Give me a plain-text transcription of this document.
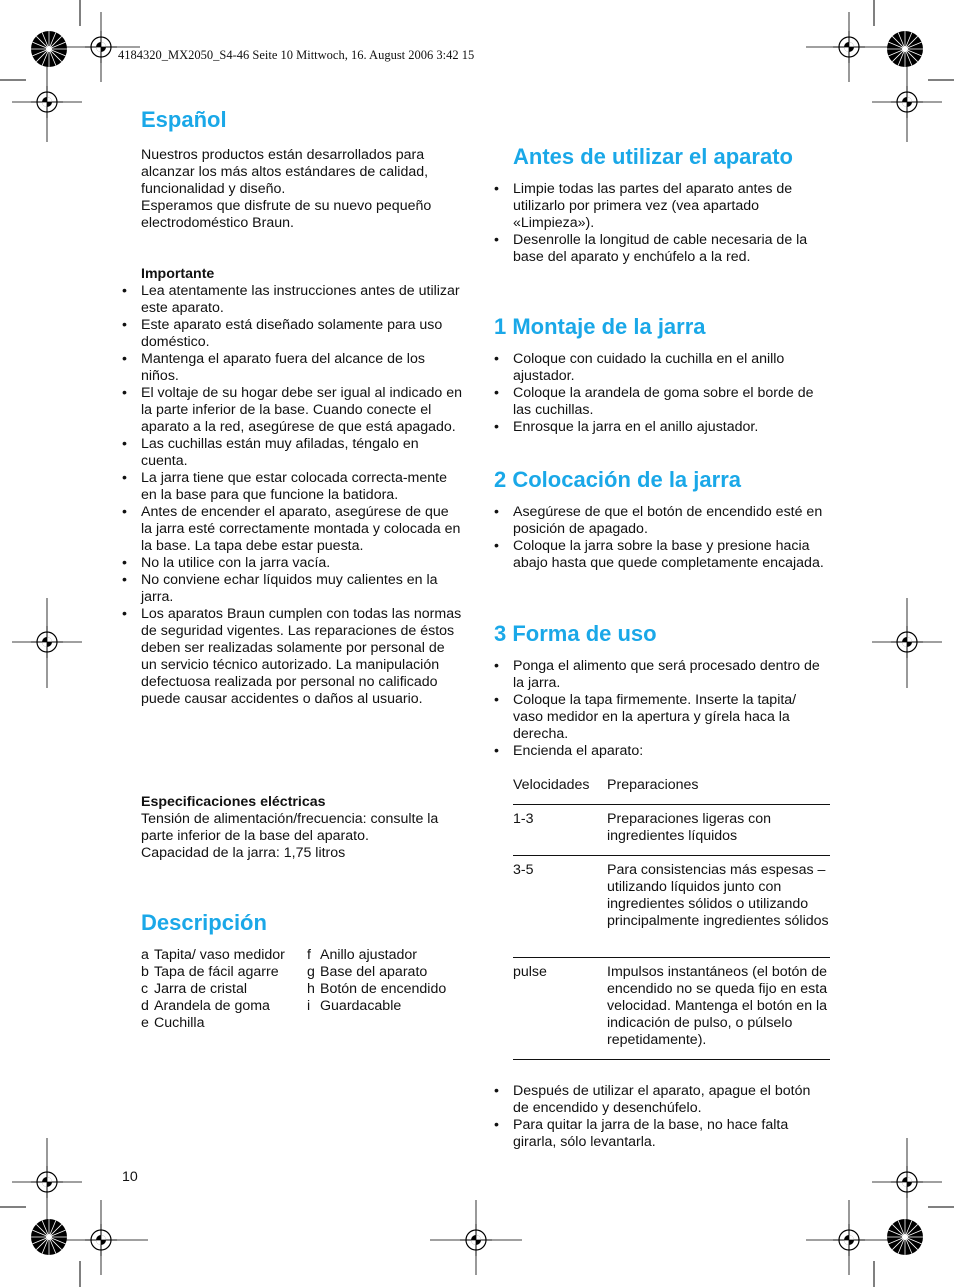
4184320_MX2050_S4-46 Seite 10 Mittwoch, 16. August 2006 3:42 15
Español

Nuestros productos están desarrollados para

alcanzar los más altos estándares de calidad,

funcionalidad y diseño.

Esperamos que disfrute de su nuevo pequeño

electrodoméstico Braun.

Importante

• Lea atentamente las instrucciones antes de utilizar este aparato.
• Este aparato está diseñado solamente para uso doméstico.
• Mantenga el aparato fuera del alcance de los niños.
• El voltaje de su hogar debe ser igual al indicado en la parte inferior de la base. Cuando conecte el aparato a la red, asegúrese de que está apagado.
• Las cuchillas están muy afiladas, téngalo en cuenta.
• La jarra tiene que estar colocada correcta-mente en la base para que funcione la batidora.
• Antes de encender el aparato, asegúrese de que la jarra esté correctamente montada y colocada en la base. La tapa debe estar puesta.
• No la utilice con la jarra vacía.
• No conviene echar líquidos muy calientes en la jarra.
• Los aparatos Braun cumplen con todas las normas de seguridad vigentes. Las reparaciones de éstos deben ser realizadas solamente por personal de un servicio técnico autorizado. La manipulación defectuosa realizada por personal no calificado puede causar accidentes o daños al usuario.

Especificaciones eléctricas

Tensión de alimentación/frecuencia: consulte la

parte inferior de la base del aparato.

Capacidad de la jarra: 1,75 litros

Descripción
a Tapita/ vaso medidor
b Tapa de fácil agarre
c Jarra de cristal
d Arandela de goma
e Cuchilla
f Anillo ajustador
g Base del aparato
h Botón de encendido
i Guardacable
10
Antes de utilizar el aparato
• Limpie todas las partes del aparato antes de utilizarlo por primera vez (vea apartado «Limpieza»).
• Desenrolle la longitud de cable necesaria de la base del aparato y enchúfelo a la red.
1 Montaje de la jarra
• Coloque con cuidado la cuchilla en el anillo ajustador.
• Coloque la arandela de goma sobre el borde de las cuchillas.
• Enrosque la jarra en el anillo ajustador.
2 Colocación de la jarra
• Asegúrese de que el botón de encendido esté en posición de apagado.
• Coloque la jarra sobre la base y presione hacia abajo hasta que quede completamente encajada.
3 Forma de uso
• Ponga el alimento que será procesado dentro de la jarra.
• Coloque la tapa firmemente. Inserte la tapita/ vaso medidor en la apertura y gírela haca la derecha.
• Encienda el aparato:
Velocidades	Preparaciones
1-3	Preparaciones ligeras con ingredientes líquidos
3-5	Para consistencias más espesas – utilizando líquidos junto con ingredientes sólidos o utilizando principalmente ingredientes sólidos
pulse	Impulsos instantáneos (el botón de encendido no se queda fijo en esta velocidad. Mantenga el botón en la indicación de pulso, o púlselo repetidamente).
• Después de utilizar el aparato, apague el botón de encendido y desenchúfelo.
• Para quitar la jarra de la base, no hace falta girarla, sólo levantarla.
